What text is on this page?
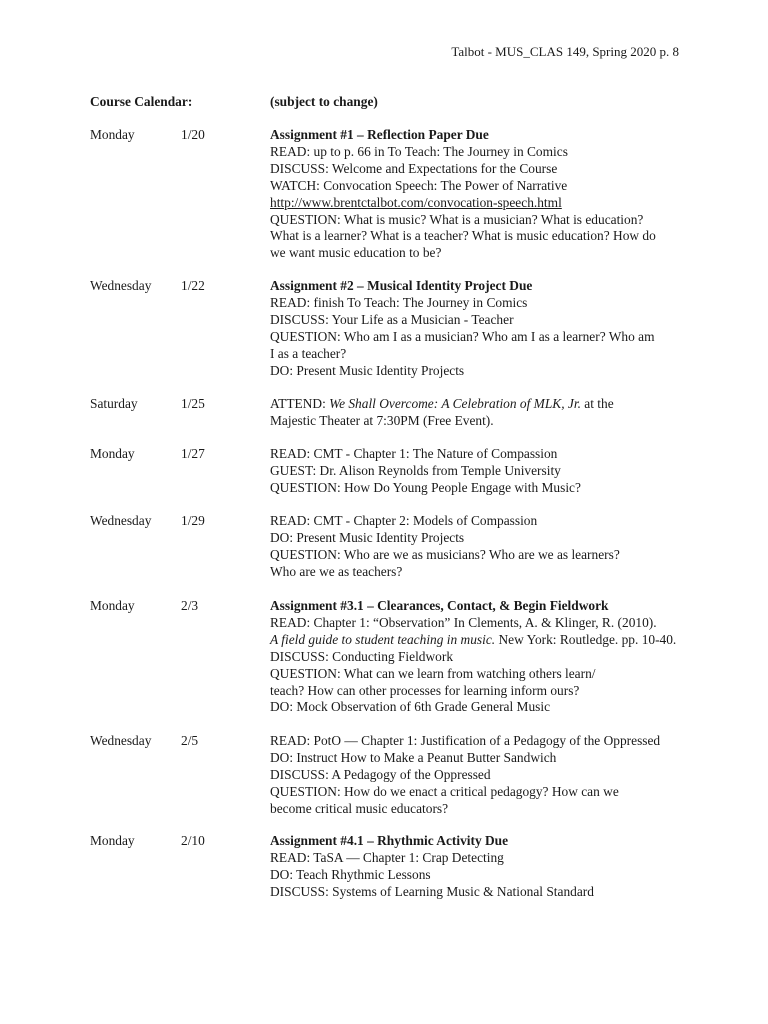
Talbot - MUS_CLAS 149, Spring 2020 p. 8
Course Calendar:	(subject to change)
Monday	1/20	Assignment #1 – Reflection Paper Due
READ: up to p. 66 in To Teach: The Journey in Comics
DISCUSS: Welcome and Expectations for the Course
WATCH: Convocation Speech: The Power of Narrative
http://www.brentctalbot.com/convocation-speech.html
QUESTION: What is music? What is a musician? What is education?
What is a learner? What is a teacher? What is music education? How do
we want music education to be?
Wednesday 1/22	Assignment #2 – Musical Identity Project Due
READ: finish To Teach: The Journey in Comics
DISCUSS: Your Life as a Musician - Teacher
QUESTION: Who am I as a musician? Who am I as a learner? Who am
I as a teacher?
DO: Present Music Identity Projects
Saturday	1/25	ATTEND: We Shall Overcome: A Celebration of MLK, Jr. at the
Majestic Theater at 7:30PM (Free Event).
Monday	1/27	READ: CMT - Chapter 1: The Nature of Compassion
GUEST: Dr. Alison Reynolds from Temple University
QUESTION: How Do Young People Engage with Music?
Wednesday 1/29	READ: CMT - Chapter 2: Models of Compassion
DO: Present Music Identity Projects
QUESTION: Who are we as musicians? Who are we as learners?
Who are we as teachers?
Monday	2/3	Assignment #3.1 – Clearances, Contact, & Begin Fieldwork
READ: Chapter 1: “Observation” In Clements, A. & Klinger, R. (2010).
A field guide to student teaching in music. New York: Routledge. pp. 10-40.
DISCUSS: Conducting Fieldwork
QUESTION: What can we learn from watching others learn/
teach? How can other processes for learning inform ours?
DO: Mock Observation of 6th Grade General Music
Wednesday 2/5	READ: PotO — Chapter 1: Justification of a Pedagogy of the Oppressed
DO: Instruct How to Make a Peanut Butter Sandwich
DISCUSS: A Pedagogy of the Oppressed
QUESTION: How do we enact a critical pedagogy? How can we
become critical music educators?
Monday	2/10	Assignment #4.1 – Rhythmic Activity Due
READ: TaSA — Chapter 1: Crap Detecting
DO: Teach Rhythmic Lessons
DISCUSS: Systems of Learning Music & National Standard
